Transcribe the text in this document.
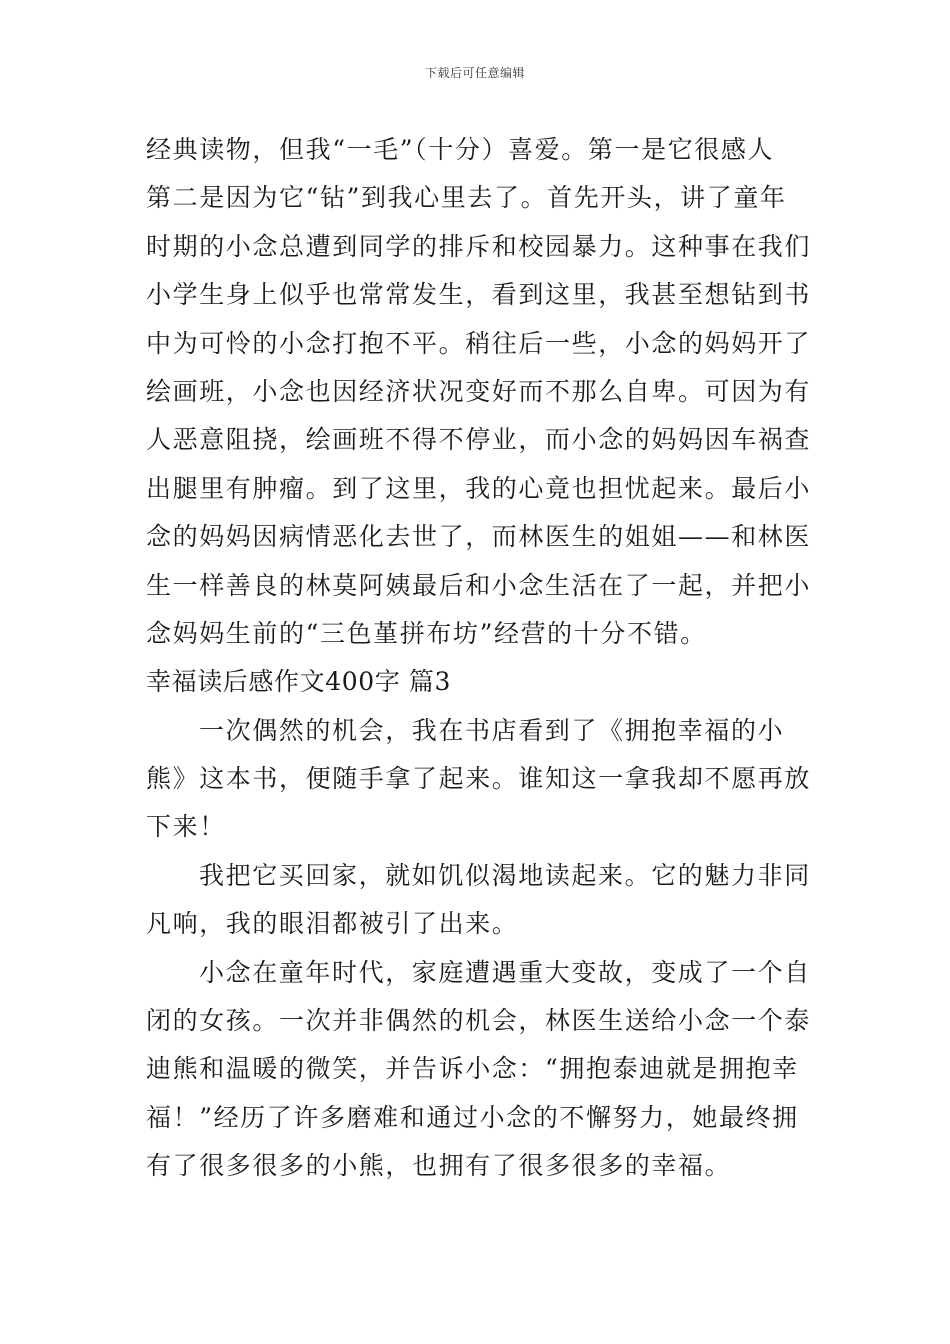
下载后可任意编辑
经典读物，但我“一毛”（十分）喜爱。第一是它很感人
第二是因为它“钻”到我心里去了。首先开头，讲了童年
时期的小念总遭到同学的排斥和校园暴力。这种事在我们
小学生身上似乎也常常发生，看到这里，我甚至想钻到书
中为可怜的小念打抱不平。稍往后一些，小念的妈妈开了
绘画班，小念也因经济状况变好而不那么自卑。可因为有
人恶意阻挠，绘画班不得不停业，而小念的妈妈因车祸查
出腿里有肿瘤。到了这里，我的心竟也担忧起来。最后小
念的妈妈因病情恶化去世了，而林医生的姐姐——和林医
生一样善良的林莫阿姨最后和小念生活在了一起，并把小
念妈妈生前的“三色堇拼布坊”经营的十分不错。
幸福读后感作文400字 篇3
一次偶然的机会，我在书店看到了《拥抱幸福的小
熊》这本书，便随手拿了起来。谁知这一拿我却不愿再放
下来！
我把它买回家，就如饥似渴地读起来。它的魅力非同
凡响，我的眼泪都被引了出来。
小念在童年时代，家庭遭遇重大变故，变成了一个自
闭的女孩。一次并非偶然的机会，林医生送给小念一个泰
迪熊和温暖的微笑，并告诉小念：“拥抱泰迪就是拥抱幸
福！”经历了许多磨难和通过小念的不懈努力，她最终拥
有了很多很多的小熊，也拥有了很多很多的幸福。
